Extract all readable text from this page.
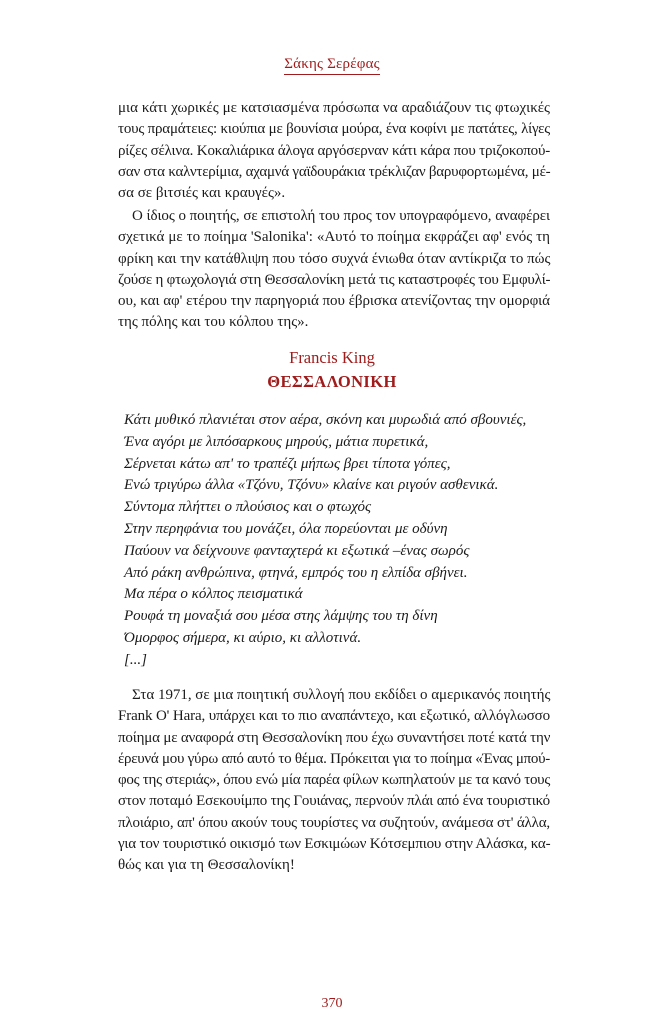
Σάκης Σερέφας
μια κάτι χωρικές με κατσιασμένα πρόσωπα να αραδιάζουν τις φτωχικές
τους πραμάτειες: κιούπια με βουνίσια μούρα, ένα κοφίνι με πατάτες, λίγες
ρίζες σέλινα. Κοκαλιάρικα άλογα αργόσερναν κάτι κάρα που τριζοκοπού-
σαν στα καλντερίμια, αχαμνά γαϊδουράκια τρέκλιζαν βαρυφορτωμένα, μέ-
σα σε βιτσιές και κραυγές».
Ο ίδιος ο ποιητής, σε επιστολή του προς τον υπογραφόμενο, αναφέρει
σχετικά με το ποίημα 'Salonika': «Αυτό το ποίημα εκφράζει αφ' ενός τη
φρίκη και την κατάθλιψη που τόσο συχνά ένιωθα όταν αντίκριζα το πώς
ζούσε η φτωχολογιά στη Θεσσαλονίκη μετά τις καταστροφές του Εμφυλί-
ου, και αφ' ετέρου την παρηγοριά που έβρισκα ατενίζοντας την ομορφιά
της πόλης και του κόλπου της».
Francis King
ΘΕΣΣΑΛΟΝΙΚΗ
Κάτι μυθικό πλανιέται στον αέρα, σκόνη και μυρωδιά από σβουνιές,
Ένα αγόρι με λιπόσαρκους μηρούς, μάτια πυρετικά,
Σέρνεται κάτω απ' το τραπέζι μήπως βρει τίποτα γόπες,
Ενώ τριγύρω άλλα «Τζόνυ, Τζόνυ» κλαίνε και ριγούν ασθενικά.
Σύντομα πλήττει ο πλούσιος και ο φτωχός
Στην περηφάνια του μονάζει, όλα πορεύονται με οδύνη
Παύουν να δείχνουνε φανταχτερά κι εξωτικά –ένας σωρός
Από ράκη ανθρώπινα, φτηνά, εμπρός του η ελπίδα σβήνει.
Μα πέρα ο κόλπος πεισματικά
Ρουφά τη μοναξιά σου μέσα στης λάμψης του τη δίνη
Όμορφος σήμερα, κι αύριο, κι αλλοτινά.
[...]
Στα 1971, σε μια ποιητική συλλογή που εκδίδει ο αμερικανός ποιητής
Frank O' Hara, υπάρχει και το πιο αναπάντεχο, και εξωτικό, αλλόγλωσσο
ποίημα με αναφορά στη Θεσσαλονίκη που έχω συναντήσει ποτέ κατά την
έρευνά μου γύρω από αυτό το θέμα. Πρόκειται για το ποίημα «Ένας μπού-
φος της στεριάς», όπου ενώ μία παρέα φίλων κωπηλατούν με τα κανό τους
στον ποταμό Εσεκουίμπο της Γουιάνας, περνούν πλάι από ένα τουριστικό
πλοιάριο, απ' όπου ακούν τους τουρίστες να συζητούν, ανάμεσα στ' άλλα,
για τον τουριστικό οικισμό των Εσκιμώων Κότσεμπιου στην Αλάσκα, κα-
θώς και για τη Θεσσαλονίκη!
370
